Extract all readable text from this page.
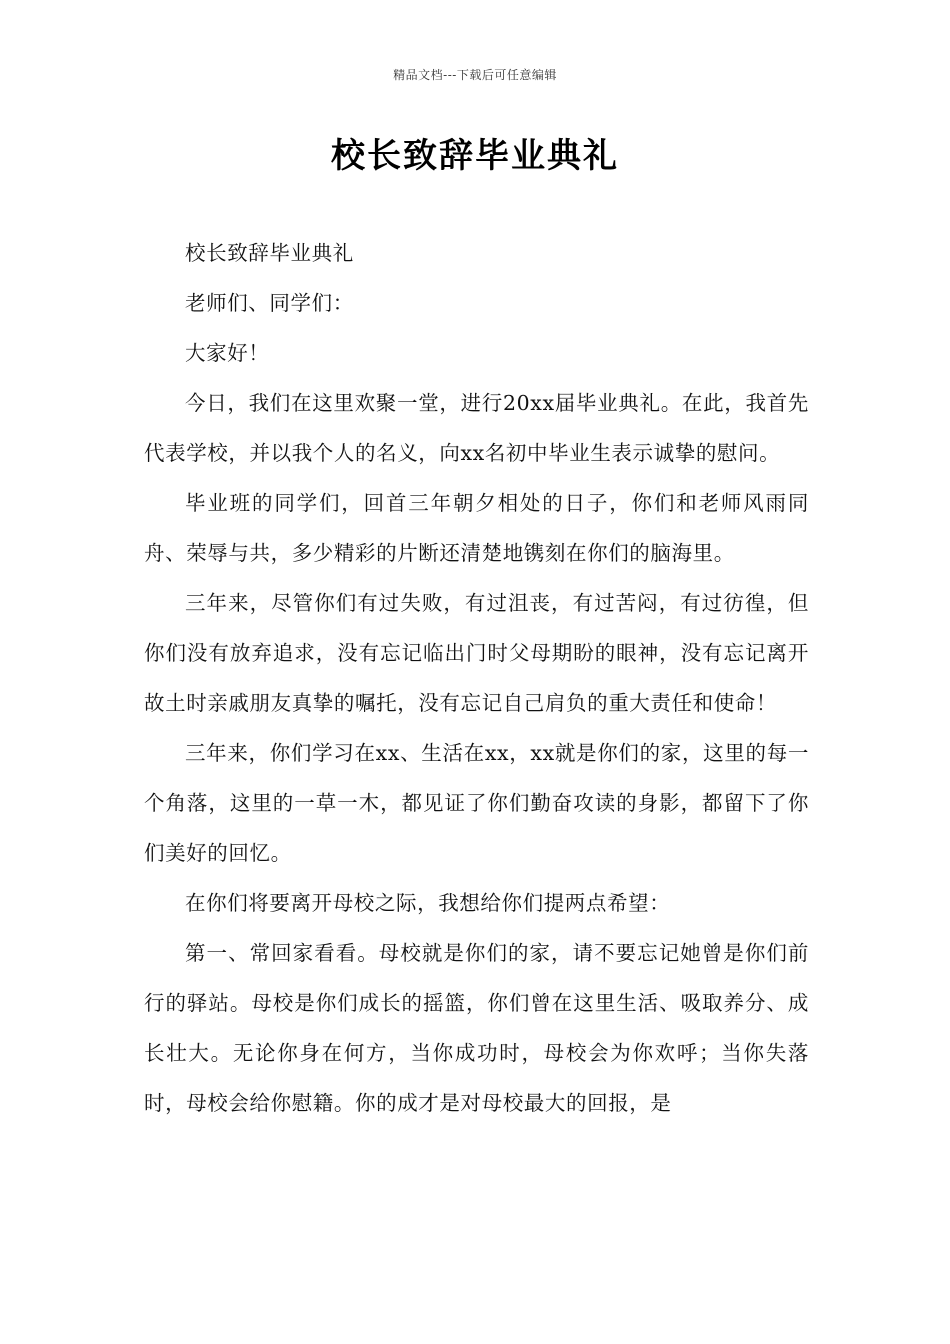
精品文档---下载后可任意编辑
校长致辞毕业典礼

校长致辞毕业典礼

老师们、同学们：

大家好！

今日，我们在这里欢聚一堂，进行20xx届毕业典礼。在此，我首先代表学校，并以我个人的名义，向xx名初中毕业生表示诚挚的慰问。

毕业班的同学们，回首三年朝夕相处的日子，你们和老师风雨同舟、荣辱与共，多少精彩的片断还清楚地镌刻在你们的脑海里。

三年来，尽管你们有过失败，有过沮丧，有过苦闷，有过彷徨，但你们没有放弃追求，没有忘记临出门时父母期盼的眼神，没有忘记离开故土时亲戚朋友真挚的嘱托，没有忘记自己肩负的重大责任和使命！

三年来，你们学习在xx、生活在xx，xx就是你们的家，这里的每一个角落，这里的一草一木，都见证了你们勤奋攻读的身影，都留下了你们美好的回忆。

在你们将要离开母校之际，我想给你们提两点希望：

第一、常回家看看。母校就是你们的家，请不要忘记她曾是你们前行的驿站。母校是你们成长的摇篮，你们曾在这里生活、吸取养分、成长壮大。无论你身在何方，当你成功时，母校会为你欢呼；当你失落时，母校会给你慰籍。你的成才是对母校最大的回报，是
